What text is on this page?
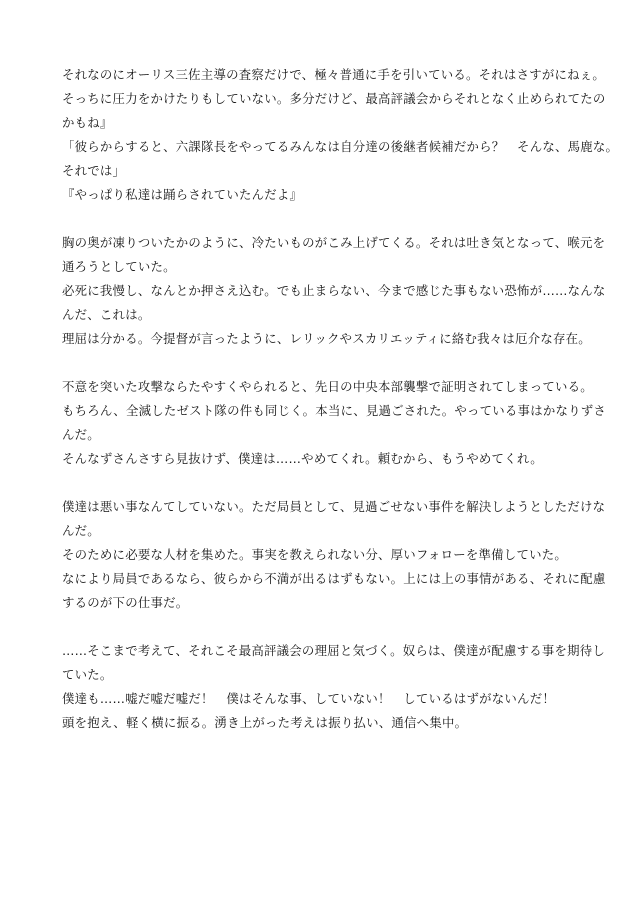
それなのにオーリス三佐主導の査察だけで、極々普通に手を引いている。それはさすがにねぇ。

そっちに圧力をかけたりもしていない。多分だけど、最高評議会からそれとなく止められてたの
かもね』

「彼らからすると、六課隊長をやってるみんなは自分達の後継者候補だから？　そんな、馬鹿な。
それでは」

『やっぱり私達は踊らされていたんだよ』

胸の奥が凍りついたかのように、冷たいものがこみ上げてくる。それは吐き気となって、喉元を
通ろうとしていた。

必死に我慢し、なんとか押さえ込む。でも止まらない、今まで感じた事もない恐怖が……なんな
んだ、これは。

理屈は分かる。今提督が言ったように、レリックやスカリエッティに絡む我々は厄介な存在。

不意を突いた攻撃ならたやすくやられると、先日の中央本部襲撃で証明されてしまっている。

もちろん、全滅したゼスト隊の件も同じく。本当に、見過ごされた。やっている事はかなりずさ
んだ。

そんなずさんさすら見抜けず、僕達は……やめてくれ。頼むから、もうやめてくれ。

僕達は悪い事なんてしていない。ただ局員として、見過ごせない事件を解決しようとしただけな
んだ。

そのために必要な人材を集めた。事実を教えられない分、厚いフォローを準備していた。

なにより局員であるなら、彼らから不満が出るはずもない。上には上の事情がある、それに配慮
するのが下の仕事だ。

……そこまで考えて、それこそ最高評議会の理屈と気づく。奴らは、僕達が配慮する事を期待し
ていた。

僕達も……嘘だ嘘だ嘘だ！　僕はそんな事、していない！　しているはずがないんだ！

頭を抱え、軽く横に振る。湧き上がった考えは振り払い、通信へ集中。
